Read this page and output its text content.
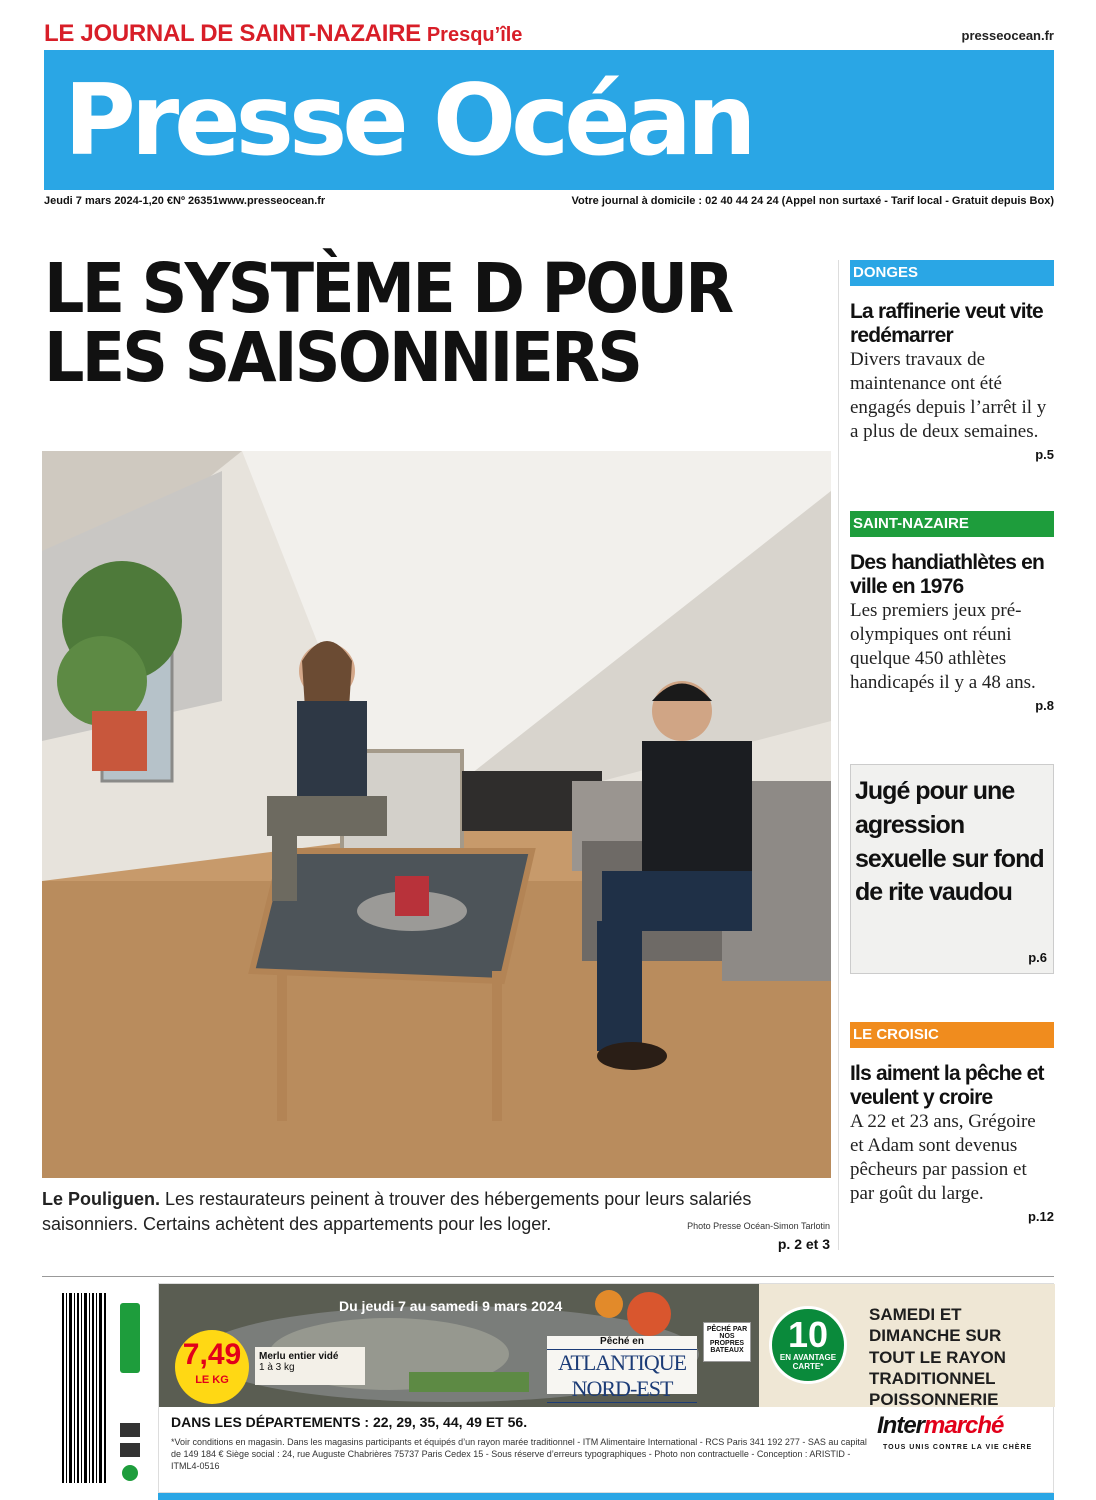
LE JOURNAL DE SAINT-NAZAIRE Presqu’île	presseocean.fr
Presse Océan
Jeudi 7 mars 2024-1,20 €Nº 26351www.presseocean.fr	Votre journal à domicile : 02 40 44 24 24 (Appel non surtaxé - Tarif local - Gratuit depuis Box)
LE SYSTÈME D POUR
LES SAISONNIERS
Le Pouliguen. Les restaurateurs peinent à trouver des hébergements pour leurs salariés saisonniers. Certains achètent des appartements pour les loger.	Photo Presse Océan-Simon Tarlotin
p. 2 et 3
DONGES
La raffinerie veut vite redémarrer

Divers travaux de maintenance ont été engagés depuis l’arrêt il y a plus de deux semaines.

p.5
SAINT-NAZAIRE
Des handiathlètes en ville en 1976

Les premiers jeux pré-olympiques ont réuni quelque 450 athlètes handicapés il y a 48 ans.

p.8
Jugé pour une agression sexuelle sur fond de rite vaudou
p.6
LE CROISIC
Ils aiment la pêche et veulent y croire

A 22 et 23 ans, Grégoire et Adam sont devenus pêcheurs par passion et par goût du large.

p.12
Du jeudi 7 au samedi 9 mars 2024
7,49
LE KG
Merlu entier vidé
1 à 3 kg
Pêché en
ATLANTIQUE NORD-EST
PÊCHÉ PAR NOS PROPRES BATEAUX	10
EN AVANTAGE CARTE*
SAMEDI ET DIMANCHE SUR TOUT LE RAYON TRADITIONNEL POISSONNERIE
DANS LES DÉPARTEMENTS : 22, 29, 35, 44, 49 ET 56.
*Voir conditions en magasin. Dans les magasins participants et équipés d’un rayon marée traditionnel - ITM Alimentaire International - RCS Paris 341 192 277 - SAS au capital de 149 184 € Siège social : 24, rue Auguste Chabrières 75737 Paris Cedex 15 - Sous réserve d’erreurs typographiques - Photo non contractuelle - Conception : ARISTID - ITML4-0516
Intermarché
TOUS UNIS CONTRE LA VIE CHÈRE
